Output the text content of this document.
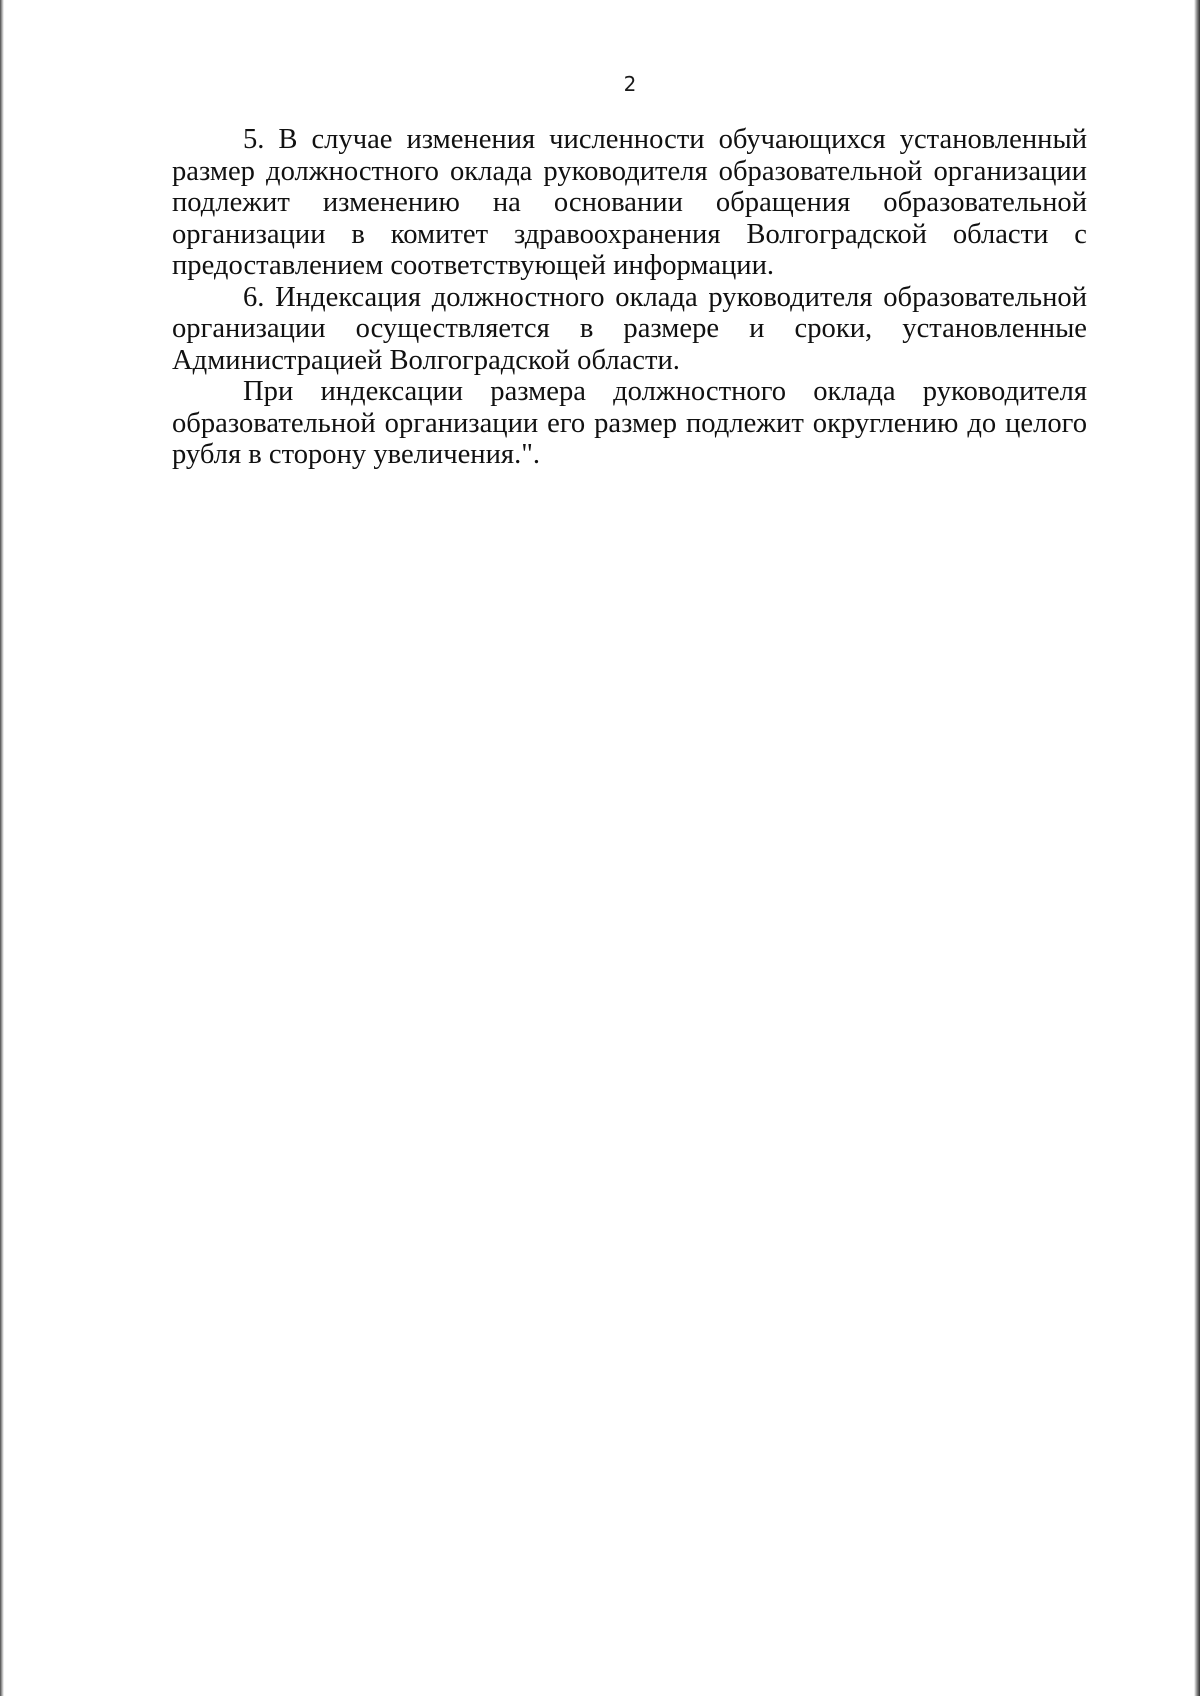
2

5. В случае изменения численности обучающихся установленный размер должностного оклада руководителя образовательной организации подлежит изменению на основании обращения образовательной организации в комитет здравоохранения Волгоградской области с предоставлением соответствующей информации.

6. Индексация должностного оклада руководителя образовательной организации осуществляется в размере и сроки, установленные Администрацией Волгоградской области.

При индексации размера должностного оклада руководителя образовательной организации его размер подлежит округлению до целого рубля в сторону увеличения.".
